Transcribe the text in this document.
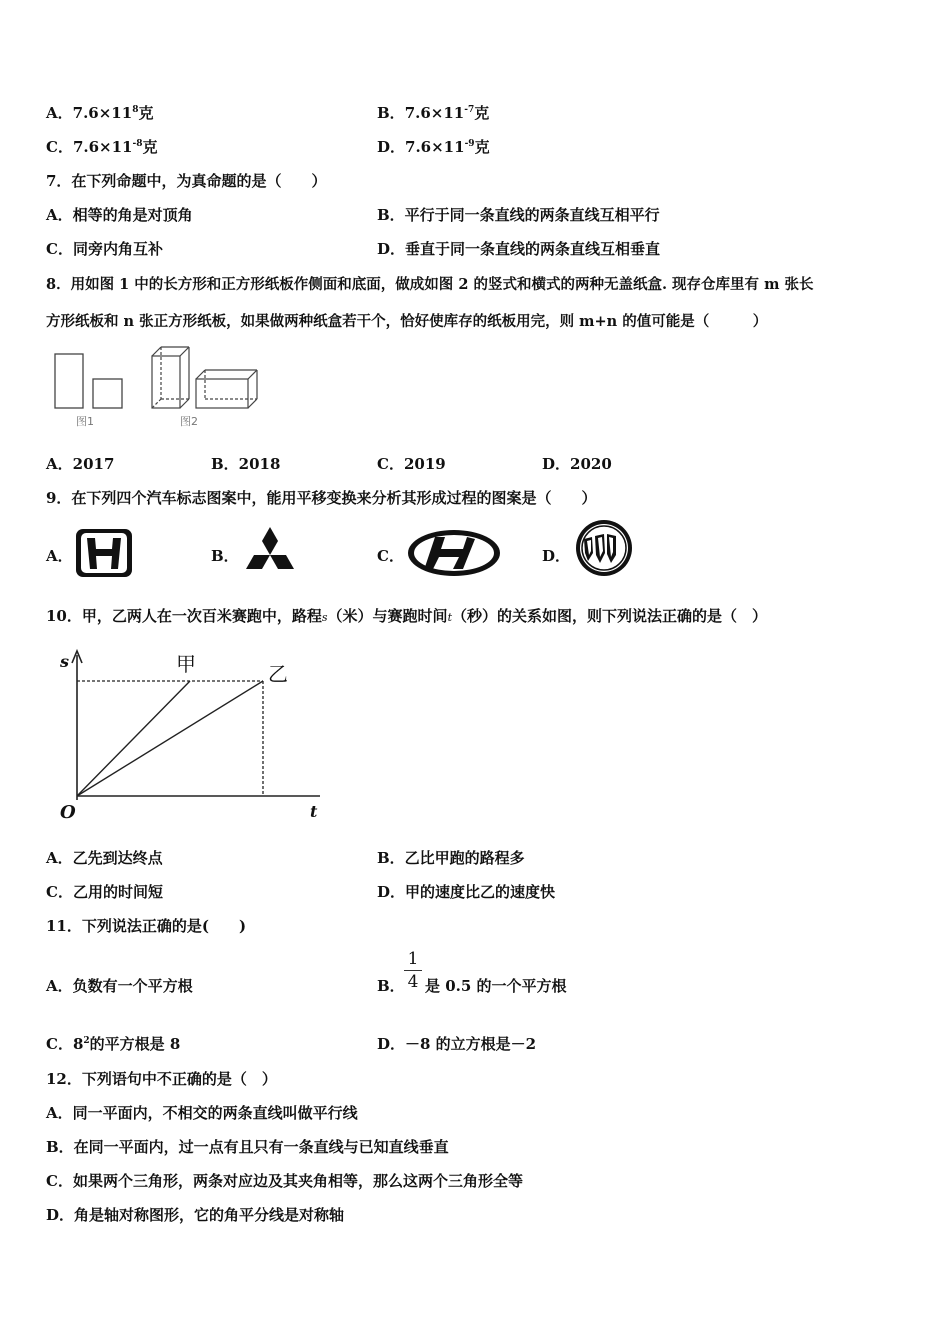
A．$7.6\times 11^8$克	B．$7.6\times 11^{-7}$克
C．$7.6\times 11^{-8}$克	D．$7.6\times 11^{-9}$克
7．在下列命题中，为真命题的是（　　）
A．相等的角是对顶角	B．平行于同一条直线的两条直线互相平行
C．同旁内角互补	D．垂直于同一条直线的两条直线互相垂直
8．用如图 1 中的长方形和正方形纸板作侧面和底面，做成如图 2 的竖式和横式的两种无盖纸盒. 现存仓库里有 m 张长
方形纸板和 n 张正方形纸板，如果做两种纸盒若干个，恰好使库存的纸板用完，则 m+n 的值可能是（　　　）
图1	图2
A．2017	B．2018	C．2019	D．2020
9．在下列四个汽车标志图案中，能用平移变换来分析其形成过程的图案是（　　）
A．	B．	C．	D．
10．甲，乙两人在一次百米赛跑中，路程s（米）与赛跑时间t（秒）的关系如图，则下列说法正确的是（　）
s
t
O
甲	乙
A．乙先到达终点	B．乙比甲跑的路程多
C．乙用的时间短	D．甲的速度比乙的速度快
11．下列说法正确的是(　　)
A．负数有一个平方根	B． $\frac{1}{4}$ 是 0.5 的一个平方根
C．$8^2$的平方根是 8	D．－8 的立方根是－2
12．下列语句中不正确的是（　）
A．同一平面内，不相交的两条直线叫做平行线
B．在同一平面内，过一点有且只有一条直线与已知直线垂直
C．如果两个三角形，两条对应边及其夹角相等，那么这两个三角形全等
D．角是轴对称图形，它的角平分线是对称轴
